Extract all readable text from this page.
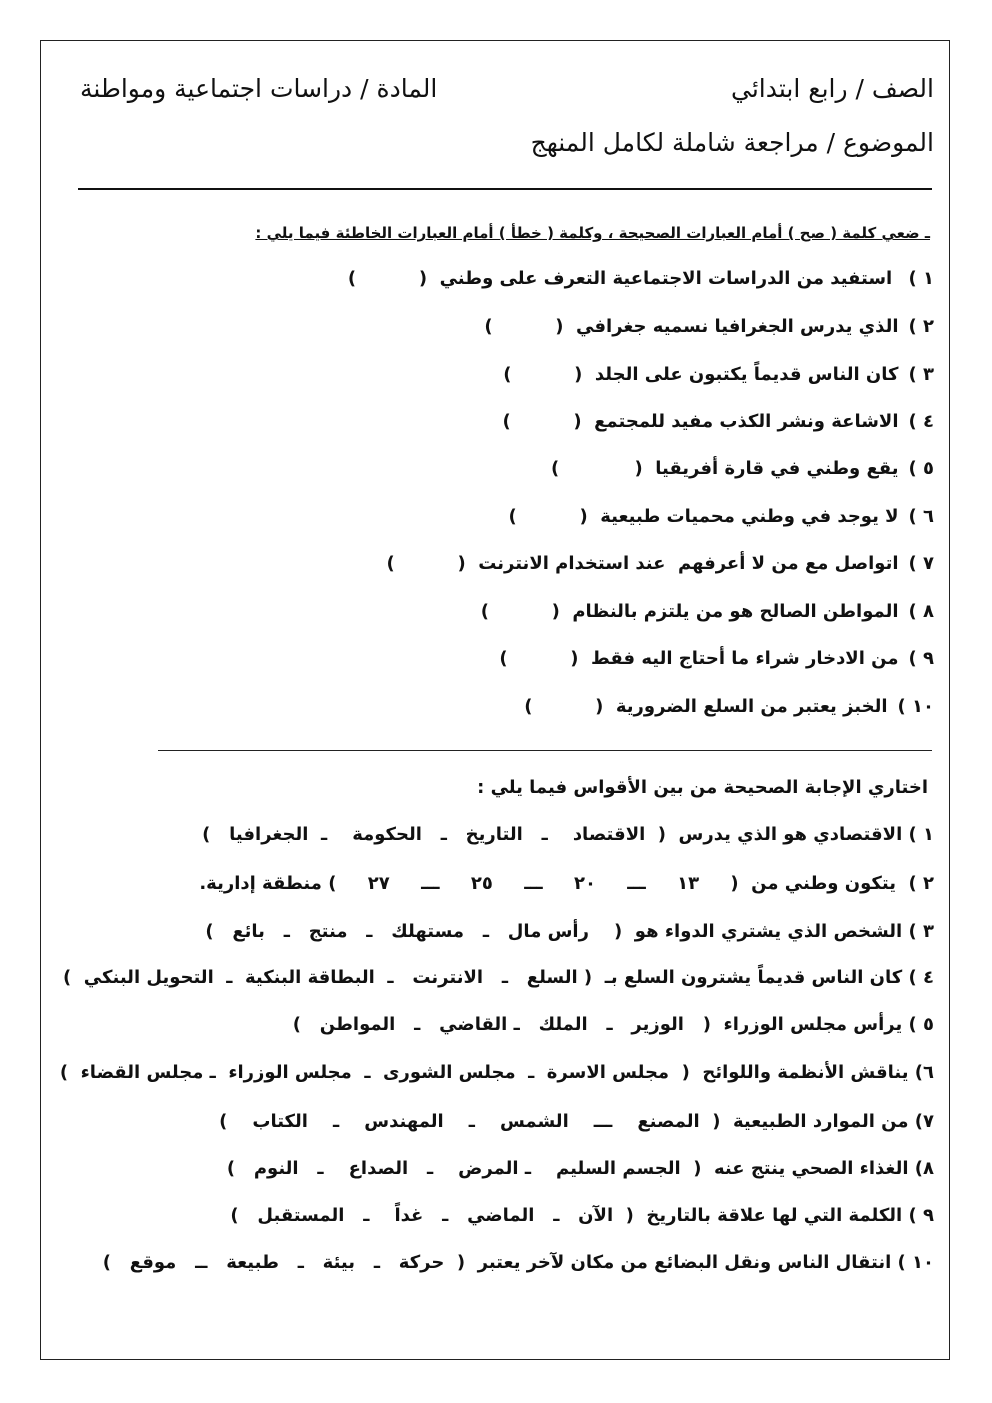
الصف / رابع ابتدائي
المادة / دراسات اجتماعية ومواطنة
الموضوع / مراجعة شاملة لكامل المنهج
ـ ضعي كلمة ( صح ) أمام العبارات الصحيحة ، وكلمة ( خطأ ) أمام العبارات الخاطئة فيما يلي :
١ ) استفيد من الدراسات الاجتماعية التعرف على وطني  (          )
٢ )الذي يدرس الجغرافيا نسميه جغرافي  (          )
٣ )كان الناس قديماً يكتبون على الجلد  (          )
٤ )الاشاعة ونشر الكذب مفيد للمجتمع  (          )
٥ )يقع وطني في قارة أفريقيا  (            )
٦ )لا يوجد في وطني محميات طبيعية  (          )
٧ )اتواصل مع من لا أعرفهم  عند استخدام الانترنت  (          )
٨ )المواطن الصالح هو من يلتزم بالنظام  (          )
٩ )من الادخار شراء ما أحتاج اليه فقط  (          )
١٠ )الخبز يعتبر من السلع الضرورية  (          )
اختاري الإجابة الصحيحة من بين الأقواس فيما يلي :
١ ) الاقتصادي هو الذي يدرس  (  الاقتصاد    ـ   التاريخ   ـ   الحكومة    ـ  الجغرافيا   )
٢ )  يتكون وطني من  (     ١٣     ـــ     ٢٠     ـــ     ٢٥     ـــ     ٢٧     ) منطقة إدارية.
٣ ) الشخص الذي يشتري الدواء هو  (    رأس مال   ـ   مستهلك   ـ   منتج   ـ   بائع   )
٤ ) كان الناس قديماً يشترون السلع بـ  ( السلع   ـ   الانترنت   ـ  البطاقة البنكية  ـ  التحويل البنكي  )
٥ ) يرأس مجلس الوزراء  (   الوزير   ـ   الملك   ـ القاضي   ـ   المواطن   )
٦) يناقش الأنظمة واللوائح  (  مجلس الاسرة  ـ  مجلس الشورى  ـ  مجلس الوزراء  ـ مجلس القضاء  )
٧) من الموارد الطبيعية  (  المصنع    ـــ    الشمس    ـ    المهندس    ـ    الكتاب    )
٨) الغذاء الصحي ينتج عنه  (  الجسم السليم    ـ المرض    ـ   الصداع    ـ   النوم   )
٩ ) الكلمة التي لها علاقة بالتاريخ  (  الآن   ـ   الماضي   ـ   غداً    ـ   المستقبل   )
١٠ ) انتقال الناس ونقل البضائع من مكان لآخر يعتبر  (  حركة   ـ   بيئة   ـ   طبيعة   ــ   موقع   )
